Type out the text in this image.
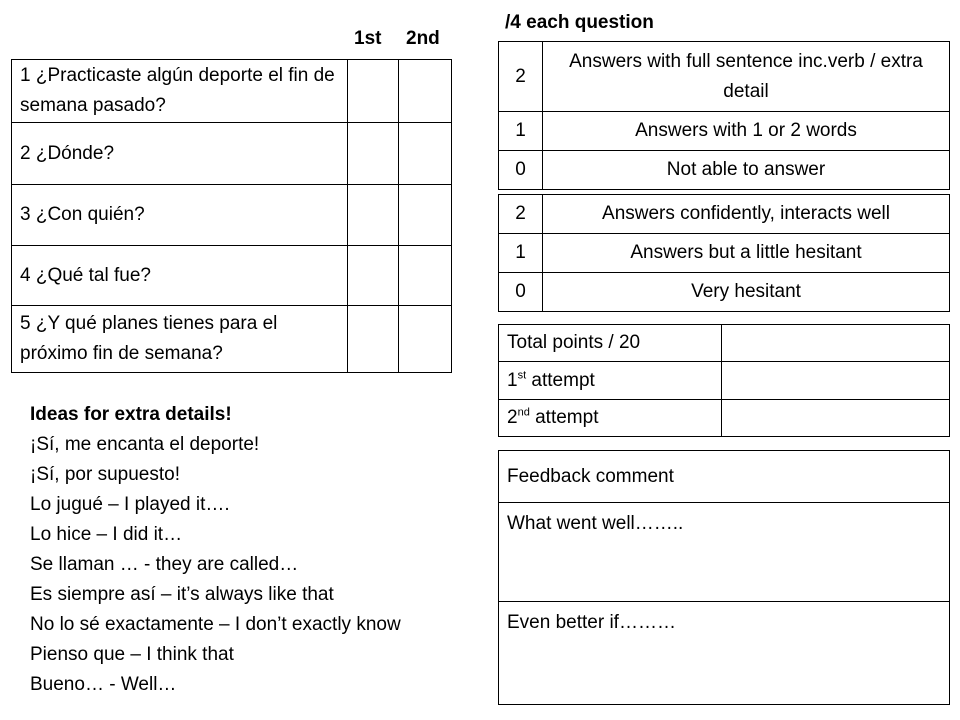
1st 2nd
/4 each question
1 ¿Practicaste algún deporte el fin de semana pasado?		
2 ¿Dónde?		
3 ¿Con quién?		
4 ¿Qué tal fue?		
5 ¿Y qué planes tienes para el próximo fin de semana?		
2	Answers with full sentence inc.verb / extra detail
1	Answers with 1 or 2 words
0	Not able to answer
2	Answers confidently, interacts well
1	Answers but a little hesitant
0	Very hesitant
Total points / 20	
1st attempt	
2nd attempt	
Feedback comment
What went well……..
Even better if………
Ideas for extra details!
¡Sí, me encanta el deporte!
¡Sí, por supuesto!
Lo jugué – I played it….
Lo hice – I did it…
Se llaman … - they are called…
Es siempre así – it’s always like that
No lo sé exactamente – I don’t exactly know
Pienso que – I think that
Bueno… - Well…
